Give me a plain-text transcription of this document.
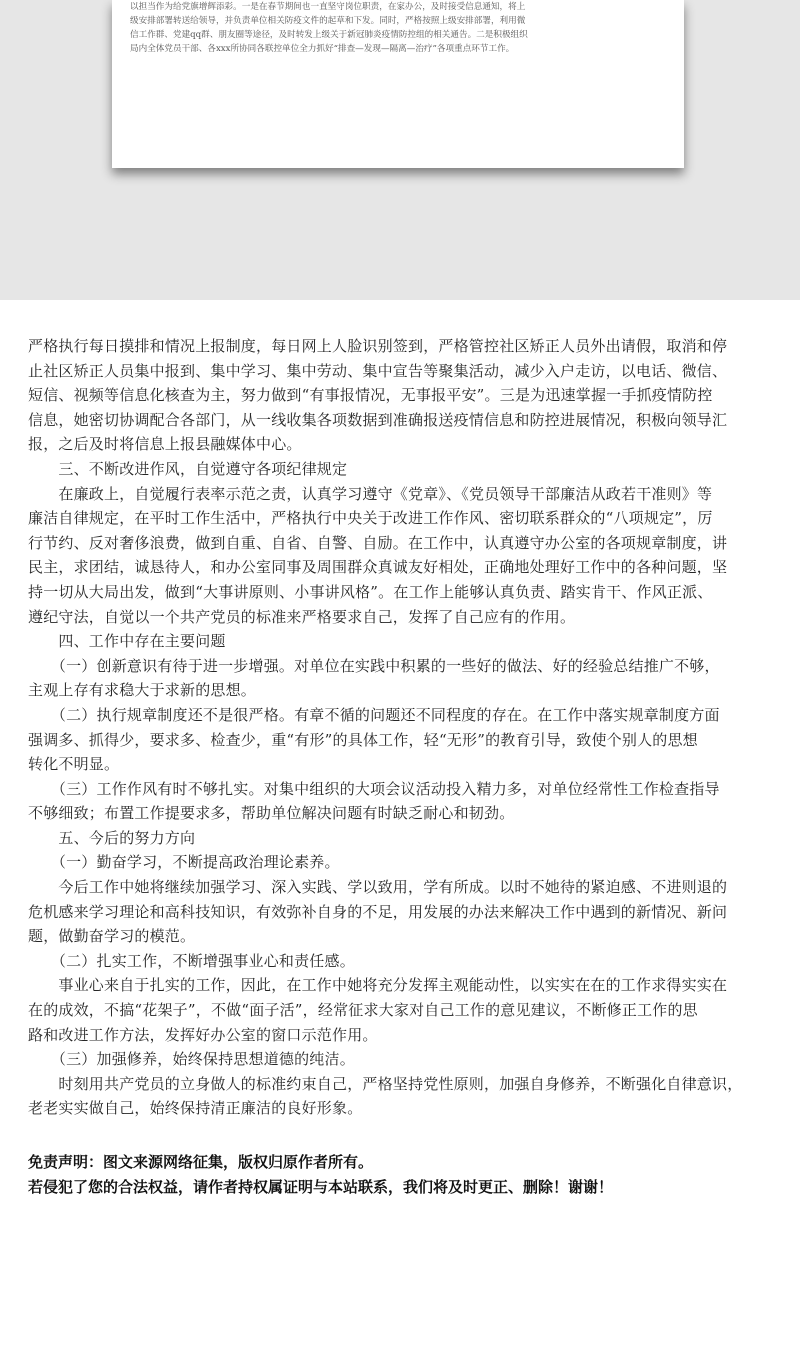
以担当作为给党旗增辉添彩。一是在春节期间也一直坚守岗位职责，在家办公，及时接受信息通知，将上

级安排部署转送给领导，并负责单位相关防疫文件的起草和下发。同时，严格按照上级安排部署，利用微

信工作群、党建qq群、朋友圈等途径，及时转发上级关于新冠肺炎疫情防控组的相关通告。二是积极组织

局内全体党员干部、各xxx所协同各联控单位全力抓好“排查—发现—隔离—治疗”各项重点环节工作。

严格执行每日摸排和情况上报制度，每日网上人脸识别签到，严格管控社区矫正人员外出请假，取消和停

止社区矫正人员集中报到、集中学习、集中劳动、集中宣告等聚集活动，减少入户走访，以电话、微信、

短信、视频等信息化核查为主，努力做到“有事报情况，无事报平安”。三是为迅速掌握一手抓疫情防控

信息，她密切协调配合各部门，从一线收集各项数据到准确报送疫情信息和防控进展情况，积极向领导汇

报，之后及时将信息上报县融媒体中心。

　　三、不断改进作风，自觉遵守各项纪律规定

　　在廉政上，自觉履行表率示范之责，认真学习遵守《党章》、《党员领导干部廉洁从政若干准则》等

廉洁自律规定，在平时工作生活中，严格执行中央关于改进工作作风、密切联系群众的“八项规定”，厉

行节约、反对奢侈浪费，做到自重、自省、自警、自励。在工作中，认真遵守办公室的各项规章制度，讲

民主，求团结，诚恳待人，和办公室同事及周围群众真诚友好相处，正确地处理好工作中的各种问题，坚

持一切从大局出发，做到“大事讲原则、小事讲风格”。在工作上能够认真负责、踏实肯干、作风正派、

遵纪守法，自觉以一个共产党员的标准来严格要求自己，发挥了自己应有的作用。

　　四、工作中存在主要问题

　　（一）创新意识有待于进一步增强。对单位在实践中积累的一些好的做法、好的经验总结推广不够，

主观上存有求稳大于求新的思想。

　　（二）执行规章制度还不是很严格。有章不循的问题还不同程度的存在。在工作中落实规章制度方面

强调多、抓得少，要求多、检查少，重“有形”的具体工作，轻“无形”的教育引导，致使个别人的思想

转化不明显。

　　（三）工作作风有时不够扎实。对集中组织的大项会议活动投入精力多，对单位经常性工作检查指导

不够细致；布置工作提要求多，帮助单位解决问题有时缺乏耐心和韧劲。

　　五、今后的努力方向

　　（一）勤奋学习，不断提高政治理论素养。

　　今后工作中她将继续加强学习、深入实践、学以致用，学有所成。以时不她待的紧迫感、不进则退的

危机感来学习理论和高科技知识，有效弥补自身的不足，用发展的办法来解决工作中遇到的新情况、新问

题，做勤奋学习的模范。

　　（二）扎实工作，不断增强事业心和责任感。

　　事业心来自于扎实的工作，因此，在工作中她将充分发挥主观能动性，以实实在在的工作求得实实在

在的成效，不搞“花架子”，不做“面子活”，经常征求大家对自己工作的意见建议，不断修正工作的思

路和改进工作方法，发挥好办公室的窗口示范作用。

　　（三）加强修养，始终保持思想道德的纯洁。

　　时刻用共产党员的立身做人的标准约束自己，严格坚持党性原则，加强自身修养，不断强化自律意识，

老老实实做自己，始终保持清正廉洁的良好形象。

免责声明：图文来源网络征集，版权归原作者所有。

若侵犯了您的合法权益，请作者持权属证明与本站联系，我们将及时更正、删除！谢谢！
